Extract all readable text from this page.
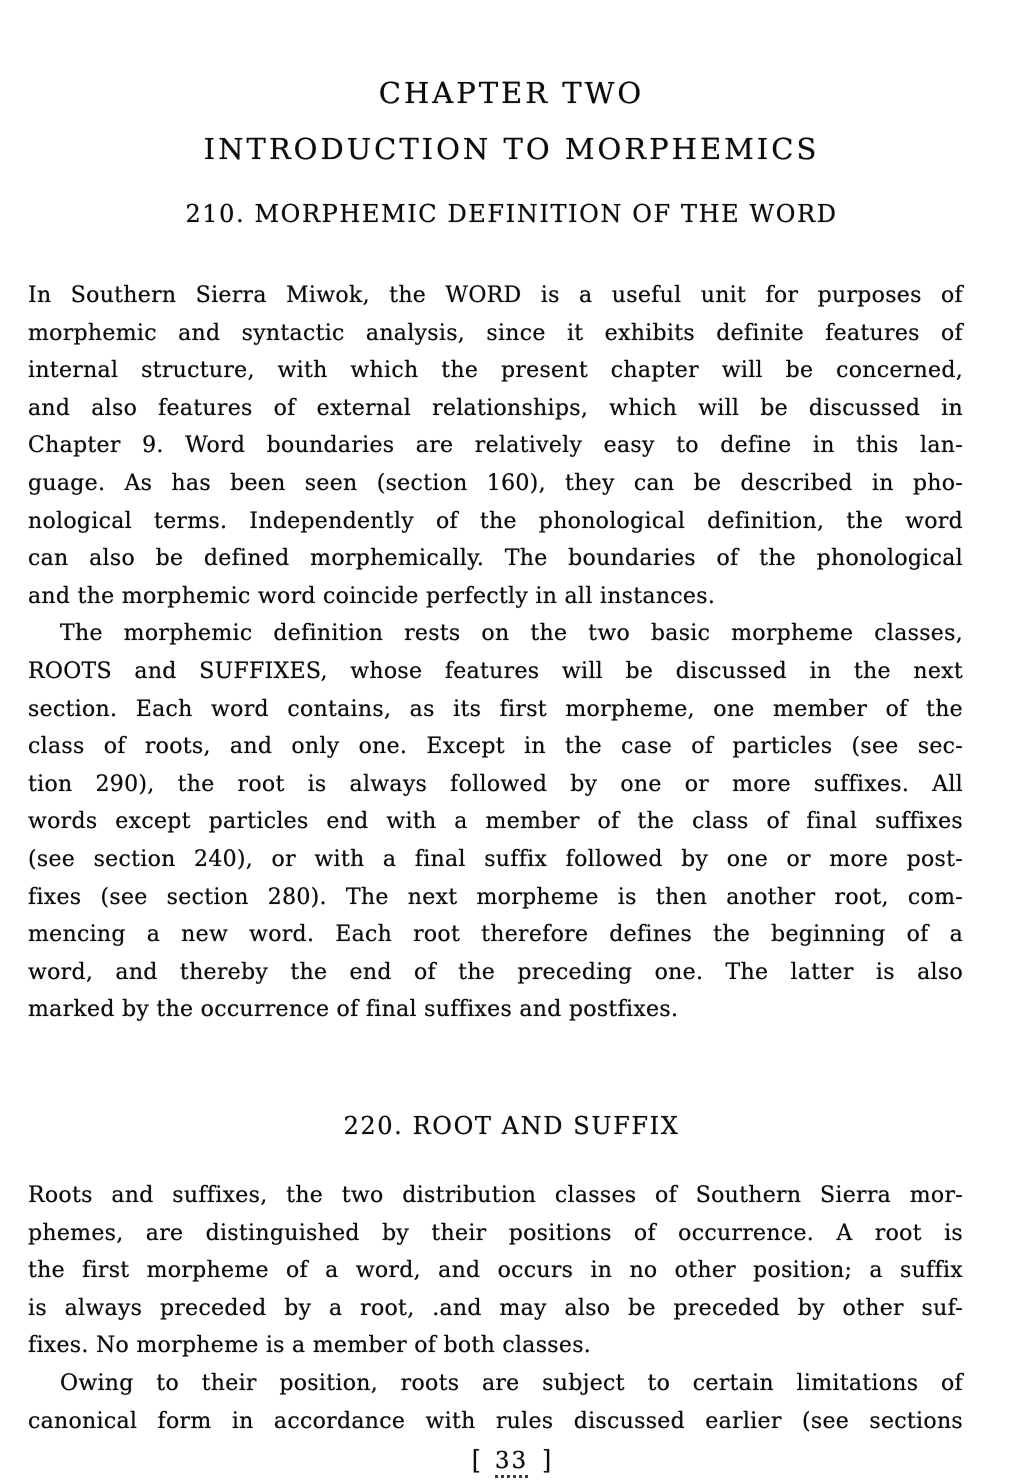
CHAPTER TWO
INTRODUCTION TO MORPHEMICS
210. MORPHEMIC DEFINITION OF THE WORD
In Southern Sierra Miwok, the WORD is a useful unit for purposes of
morphemic and syntactic analysis, since it exhibits definite features of
internal structure, with which the present chapter will be concerned,
and also features of external relationships, which will be discussed in
Chapter 9. Word boundaries are relatively easy to define in this lan-
guage. As has been seen (section 160), they can be described in pho-
nological terms. Independently of the phonological definition, the word
can also be defined morphemically. The boundaries of the phonological
and the morphemic word coincide perfectly in all instances.
The morphemic definition rests on the two basic morpheme classes,
ROOTS and SUFFIXES, whose features will be discussed in the next
section. Each word contains, as its first morpheme, one member of the
class of roots, and only one. Except in the case of particles (see sec-
tion 290), the root is always followed by one or more suffixes. All
words except particles end with a member of the class of final suffixes
(see section 240), or with a final suffix followed by one or more post-
fixes (see section 280). The next morpheme is then another root, com-
mencing a new word. Each root therefore defines the beginning of a
word, and thereby the end of the preceding one. The latter is also
marked by the occurrence of final suffixes and postfixes.
220. ROOT AND SUFFIX
Roots and suffixes, the two distribution classes of Southern Sierra mor-
phemes, are distinguished by their positions of occurrence. A root is
the first morpheme of a word, and occurs in no other position; a suffix
is always preceded by a root, .and may also be preceded by other suf-
fixes. No morpheme is a member of both classes.
Owing to their position, roots are subject to certain limitations of
canonical form in accordance with rules discussed earlier (see sections
[ 33 ]
